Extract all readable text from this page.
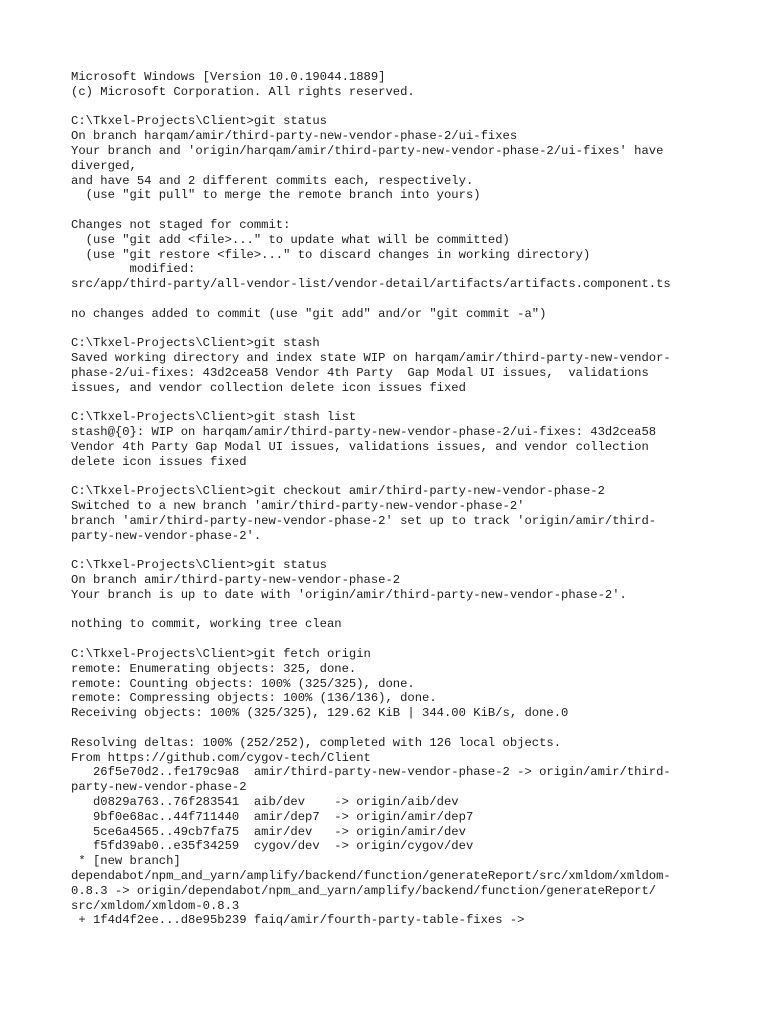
Microsoft Windows [Version 10.0.19044.1889]
(c) Microsoft Corporation. All rights reserved.
C:\Tkxel-Projects\Client>git status
On branch harqam/amir/third-party-new-vendor-phase-2/ui-fixes
Your branch and 'origin/harqam/amir/third-party-new-vendor-phase-2/ui-fixes' have
diverged,
and have 54 and 2 different commits each, respectively.
(use "git pull" to merge the remote branch into yours)
Changes not staged for commit:
(use "git add <file>..." to update what will be committed)
(use "git restore <file>..." to discard changes in working directory)
modified:
src/app/third-party/all-vendor-list/vendor-detail/artifacts/artifacts.component.ts
no changes added to commit (use "git add" and/or "git commit -a")
C:\Tkxel-Projects\Client>git stash
Saved working directory and index state WIP on harqam/amir/third-party-new-vendor-
phase-2/ui-fixes: 43d2cea58 Vendor 4th Party  Gap Modal UI issues,  validations
issues, and vendor collection delete icon issues fixed
C:\Tkxel-Projects\Client>git stash list
stash@{0}: WIP on harqam/amir/third-party-new-vendor-phase-2/ui-fixes: 43d2cea58
Vendor 4th Party Gap Modal UI issues, validations issues, and vendor collection
delete icon issues fixed
C:\Tkxel-Projects\Client>git checkout amir/third-party-new-vendor-phase-2
Switched to a new branch 'amir/third-party-new-vendor-phase-2'
branch 'amir/third-party-new-vendor-phase-2' set up to track 'origin/amir/third-
party-new-vendor-phase-2'.
C:\Tkxel-Projects\Client>git status
On branch amir/third-party-new-vendor-phase-2
Your branch is up to date with 'origin/amir/third-party-new-vendor-phase-2'.
nothing to commit, working tree clean
C:\Tkxel-Projects\Client>git fetch origin
remote: Enumerating objects: 325, done.
remote: Counting objects: 100% (325/325), done.
remote: Compressing objects: 100% (136/136), done.
Receiving objects: 100% (325/325), 129.62 KiB | 344.00 KiB/s, done.0
Resolving deltas: 100% (252/252), completed with 126 local objects.
From https://github.com/cygov-tech/Client
26f5e70d2..fe179c9a8  amir/third-party-new-vendor-phase-2 -> origin/amir/third-
party-new-vendor-phase-2
d0829a763..76f283541  aib/dev    -> origin/aib/dev
9bf0e68ac..44f711440  amir/dep7  -> origin/amir/dep7
5ce6a4565..49cb7fa75  amir/dev   -> origin/amir/dev
f5fd39ab0..e35f34259  cygov/dev  -> origin/cygov/dev
* [new branch]
dependabot/npm_and_yarn/amplify/backend/function/generateReport/src/xmldom/xmldom-
0.8.3 -> origin/dependabot/npm_and_yarn/amplify/backend/function/generateReport/
src/xmldom/xmldom-0.8.3
+ 1f4d4f2ee...d8e95b239 faiq/amir/fourth-party-table-fixes ->
